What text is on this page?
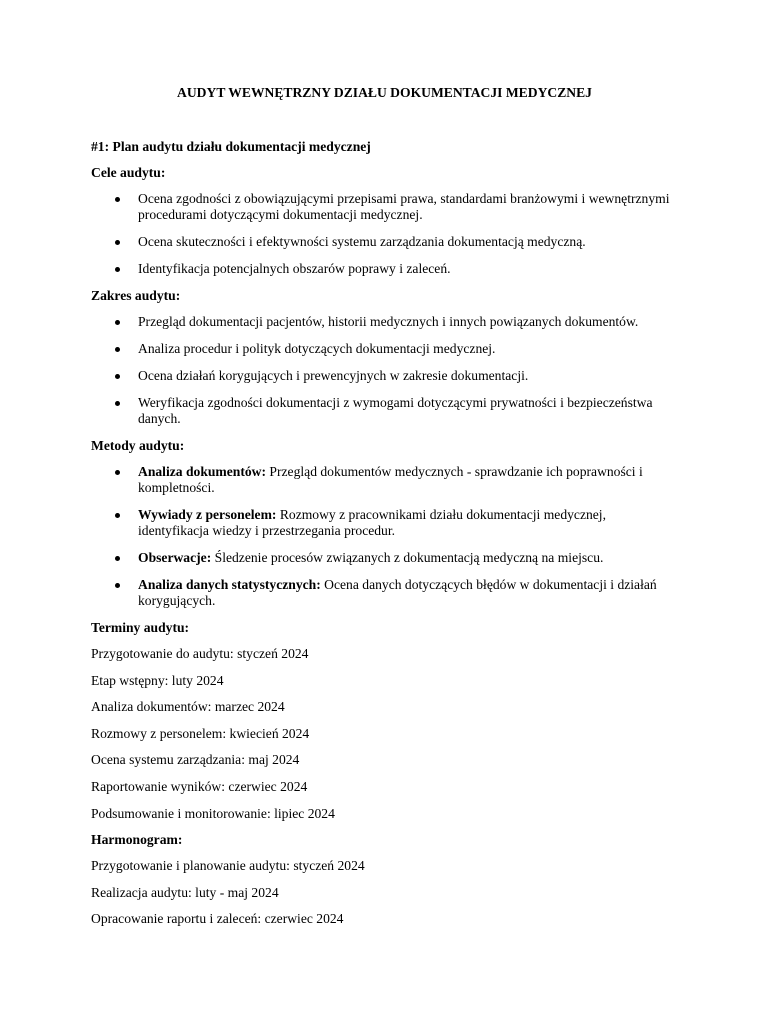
AUDYT WEWNĘTRZNY DZIAŁU DOKUMENTACJI MEDYCZNEJ
#1: Plan audytu działu dokumentacji medycznej
Cele audytu:
Ocena zgodności z obowiązującymi przepisami prawa, standardami branżowymi i wewnętrznymi procedurami dotyczącymi dokumentacji medycznej.
Ocena skuteczności i efektywności systemu zarządzania dokumentacją medyczną.
Identyfikacja potencjalnych obszarów poprawy i zaleceń.
Zakres audytu:
Przegląd dokumentacji pacjentów, historii medycznych i innych powiązanych dokumentów.
Analiza procedur i polityk dotyczących dokumentacji medycznej.
Ocena działań korygujących i prewencyjnych w zakresie dokumentacji.
Weryfikacja zgodności dokumentacji z wymogami dotyczącymi prywatności i bezpieczeństwa danych.
Metody audytu:
Analiza dokumentów: Przegląd dokumentów medycznych - sprawdzanie ich poprawności i kompletności.
Wywiady z personelem: Rozmowy z pracownikami działu dokumentacji medycznej, identyfikacja wiedzy i przestrzegania procedur.
Obserwacje: Śledzenie procesów związanych z dokumentacją medyczną na miejscu.
Analiza danych statystycznych: Ocena danych dotyczących błędów w dokumentacji i działań korygujących.
Terminy audytu:
Przygotowanie do audytu: styczeń 2024
Etap wstępny: luty 2024
Analiza dokumentów: marzec 2024
Rozmowy z personelem: kwiecień 2024
Ocena systemu zarządzania: maj 2024
Raportowanie wyników: czerwiec 2024
Podsumowanie i monitorowanie: lipiec 2024
Harmonogram:
Przygotowanie i planowanie audytu: styczeń 2024
Realizacja audytu: luty - maj 2024
Opracowanie raportu i zaleceń: czerwiec 2024
